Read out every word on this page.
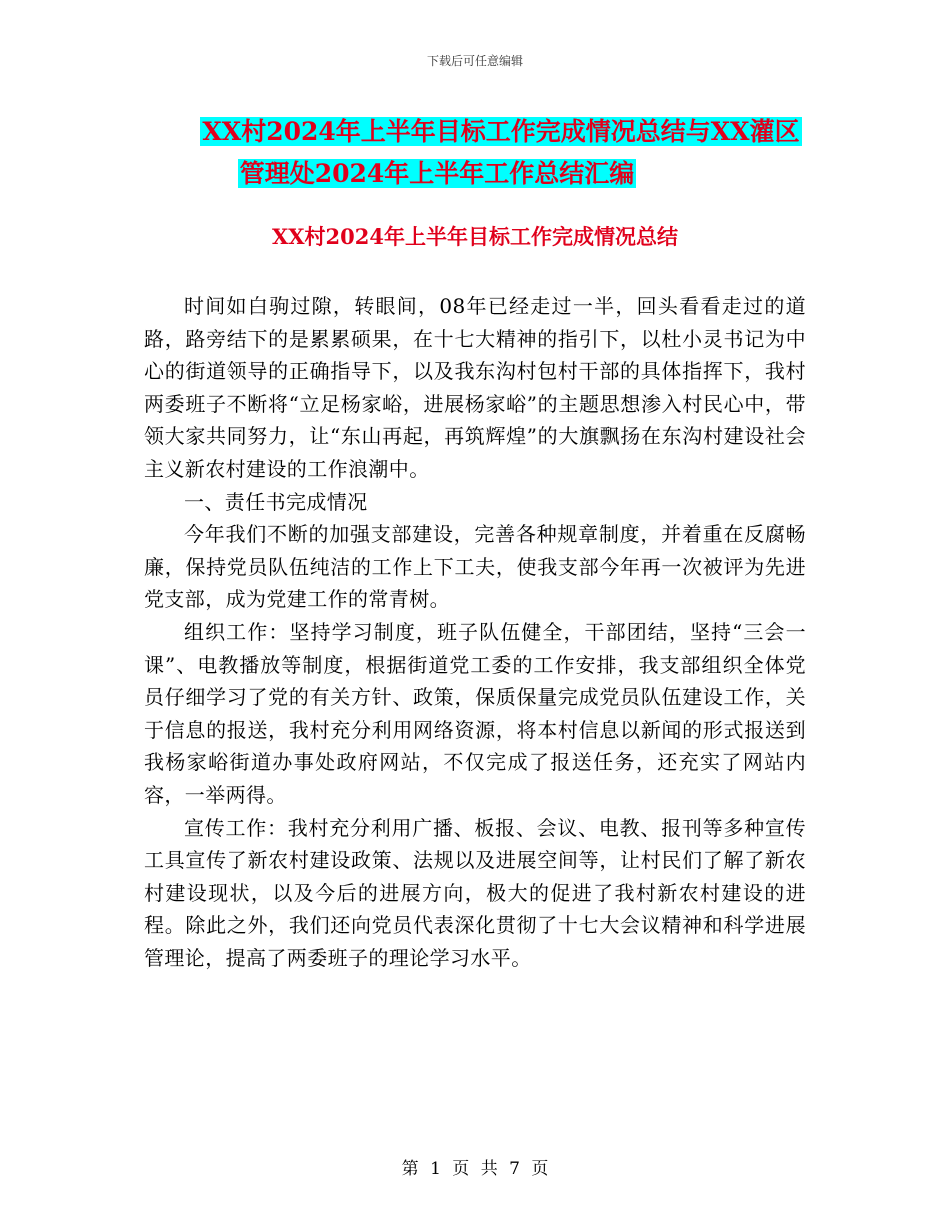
下载后可任意编辑
XX村2024年上半年目标工作完成情况总结与XX灌区
管理处2024年上半年工作总结汇编
XX村2024年上半年目标工作完成情况总结

时间如白驹过隙，转眼间，08年已经走过一半，回头看看走过的道路，路旁结下的是累累硕果，在十七大精神的指引下，以杜小灵书记为中心的街道领导的正确指导下，以及我东沟村包村干部的具体指挥下，我村两委班子不断将“立足杨家峪，进展杨家峪”的主题思想渗入村民心中，带领大家共同努力，让“东山再起，再筑辉煌”的大旗飘扬在东沟村建设社会主义新农村建设的工作浪潮中。

一、责任书完成情况

今年我们不断的加强支部建设，完善各种规章制度，并着重在反腐畅廉，保持党员队伍纯洁的工作上下工夫，使我支部今年再一次被评为先进党支部，成为党建工作的常青树。

组织工作：坚持学习制度，班子队伍健全，干部团结，坚持“三会一课”、电教播放等制度，根据街道党工委的工作安排，我支部组织全体党员仔细学习了党的有关方针、政策，保质保量完成党员队伍建设工作，关于信息的报送，我村充分利用网络资源，将本村信息以新闻的形式报送到我杨家峪街道办事处政府网站，不仅完成了报送任务，还充实了网站内容，一举两得。

宣传工作：我村充分利用广播、板报、会议、电教、报刊等多种宣传工具宣传了新农村建设政策、法规以及进展空间等，让村民们了解了新农村建设现状，以及今后的进展方向，极大的促进了我村新农村建设的进程。除此之外，我们还向党员代表深化贯彻了十七大会议精神和科学进展管理论，提高了两委班子的理论学习水平。

第 1 页 共 7 页
